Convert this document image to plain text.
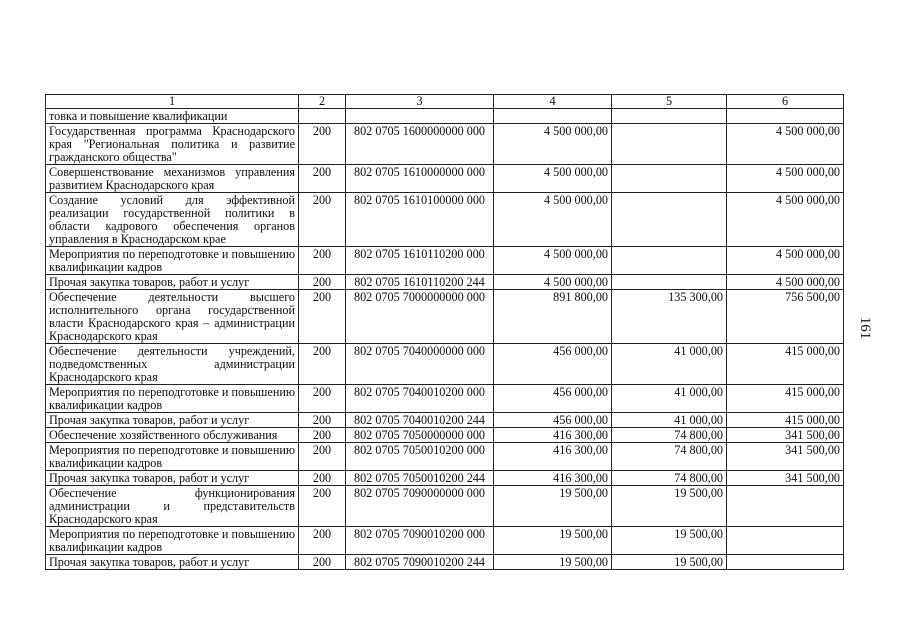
1	2	3	4	5	6
товка и повышение квалификации					
Государственная программа Краснодарского края "Региональная политика и развитие гражданского общества"	200	802 0705 1600000000 000	4 500 000,00		4 500 000,00
Совершенствование механизмов управления развитием Краснодарского края	200	802 0705 1610000000 000	4 500 000,00		4 500 000,00
Создание условий для эффективной реализации государственной политики в области кадрового обеспечения органов управления в Краснодарском крае	200	802 0705 1610100000 000	4 500 000,00		4 500 000,00
Мероприятия по переподготовке и повышению квалификации кадров	200	802 0705 1610110200 000	4 500 000,00		4 500 000,00
Прочая закупка товаров, работ и услуг	200	802 0705 1610110200 244	4 500 000,00		4 500 000,00
Обеспечение деятельности высшего исполнительного органа государственной власти Краснодарского края – администрации Краснодарского края	200	802 0705 7000000000 000	891 800,00	135 300,00	756 500,00
Обеспечение деятельности учреждений, подведомственных администрации Краснодарского края	200	802 0705 7040000000 000	456 000,00	41 000,00	415 000,00
Мероприятия по переподготовке и повышению квалификации кадров	200	802 0705 7040010200 000	456 000,00	41 000,00	415 000,00
Прочая закупка товаров, работ и услуг	200	802 0705 7040010200 244	456 000,00	41 000,00	415 000,00
Обеспечение хозяйственного обслуживания	200	802 0705 7050000000 000	416 300,00	74 800,00	341 500,00
Мероприятия по переподготовке и повышению квалификации кадров	200	802 0705 7050010200 000	416 300,00	74 800,00	341 500,00
Прочая закупка товаров, работ и услуг	200	802 0705 7050010200 244	416 300,00	74 800,00	341 500,00
Обеспечение функционирования администрации и представительств Краснодарского края	200	802 0705 7090000000 000	19 500,00	19 500,00	
Мероприятия по переподготовке и повышению квалификации кадров	200	802 0705 7090010200 000	19 500,00	19 500,00	
Прочая закупка товаров, работ и услуг	200	802 0705 7090010200 244	19 500,00	19 500,00	
161
